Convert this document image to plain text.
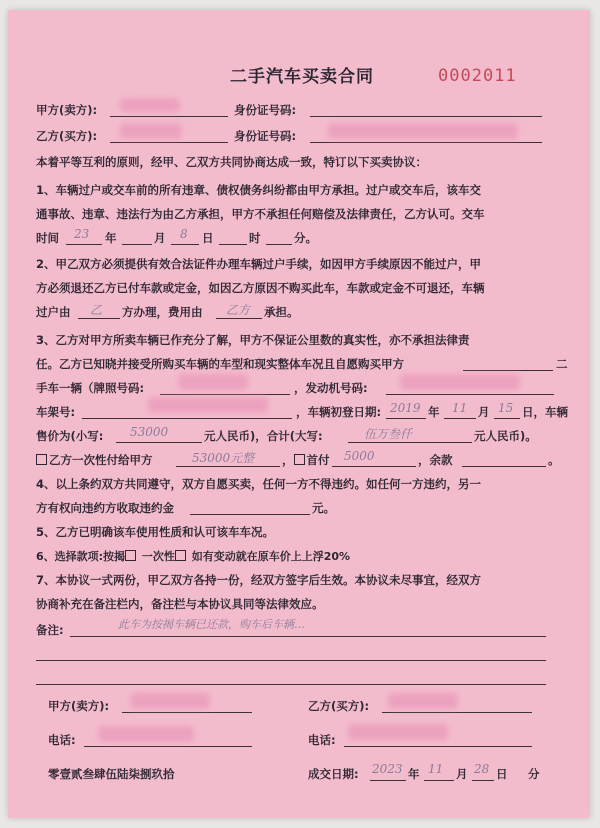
二手汽车买卖合同	0002011
甲方(卖方):	身份证号码:
乙方(买方):	身份证号码:
本着平等互利的原则，经甲、乙双方共同协商达成一致，特订以下买卖协议：
1、车辆过户或交车前的所有违章、债权债务纠纷都由甲方承担。过户或交车后，该车交
通事故、违章、违法行为由乙方承担，甲方不承担任何赔偿及法律责任，乙方认可。交车
时间 23 年	月 8 日	时	分。
2、甲乙双方必须提供有效合法证件办理车辆过户手续，如因甲方手续原因不能过户，甲
方必须退还乙方已付车款或定金，如因乙方原因不购买此车，车款或定金不可退还，车辆
过户由 乙 方办理，费用由 乙方 承担。
3、乙方对甲方所卖车辆已作充分了解，甲方不保证公里数的真实性，亦不承担法律责
任。乙方已知晓并接受所购买车辆的车型和现实整体车况且自愿购买甲方	二
手车一辆（牌照号码:	，发动机号码:
车架号:	，车辆初登日期: 2019 年 11 月 15 日，车辆
售价为(小写: 53000	元人民币)，合计(大写:	伍万叁仟	元人民币)。
乙方一次性付给甲方	53000元整 ， 首付 5000	，余款	。
4、以上条约双方共同遵守，双方自愿买卖，任何一方不得违约。如任何一方违约，另一
方有权向违约方收取违约金	元。
5、乙方已明确该车使用性质和认可该车车况。
6、选择款项:按揭 一次性 如有变动就在原车价上上浮20%
7、本协议一式两份，甲乙双方各持一份，经双方签字后生效。本协议未尽事宜，经双方
协商补充在备注栏内，备注栏与本协议具同等法律效应。
备注:	此车为按揭车辆已还款，购车后车辆…
甲方(卖方):	乙方(买方):
电话:	电话:
零壹贰叁肆伍陆柒捌玖拾	成交日期: 2023 年 11 月 28 日 分
